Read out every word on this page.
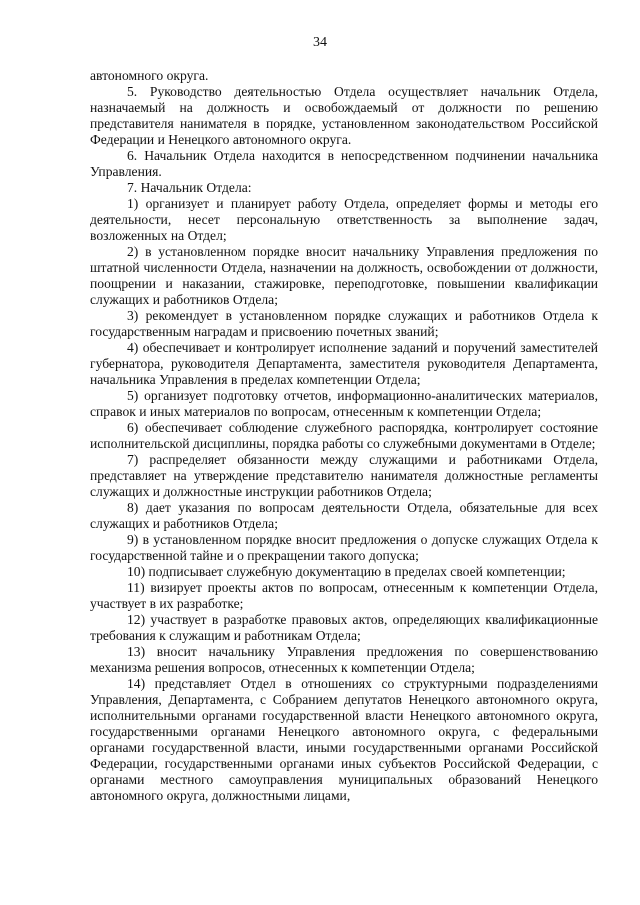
34

автономного округа.

5. Руководство деятельностью Отдела осуществляет начальник Отдела, назначаемый на должность и освобождаемый от должности по решению представителя нанимателя в порядке, установленном законодательством Российской Федерации и Ненецкого автономного округа.

6. Начальник Отдела находится в непосредственном подчинении начальника Управления.

7. Начальник Отдела:

1) организует и планирует работу Отдела, определяет формы и методы его деятельности, несет персональную ответственность за выполнение задач, возложенных на Отдел;

2) в установленном порядке вносит начальнику Управления предложения по штатной численности Отдела, назначении на должность, освобождении от должности, поощрении и наказании, стажировке, переподготовке, повышении квалификации служащих и работников Отдела;

3) рекомендует в установленном порядке служащих и работников Отдела к государственным наградам и присвоению почетных званий;

4) обеспечивает и контролирует исполнение заданий и поручений заместителей губернатора, руководителя Департамента, заместителя руководителя Департамента, начальника Управления в пределах компетенции Отдела;

5) организует подготовку отчетов, информационно-аналитических материалов, справок и иных материалов по вопросам, отнесенным к компетенции Отдела;

6) обеспечивает соблюдение служебного распорядка, контролирует состояние исполнительской дисциплины, порядка работы со служебными документами в Отделе;

7) распределяет обязанности между служащими и работниками Отдела, представляет на утверждение представителю нанимателя должностные регламенты служащих и должностные инструкции работников Отдела;

8) дает указания по вопросам деятельности Отдела, обязательные для всех служащих и работников Отдела;

9) в установленном порядке вносит предложения о допуске служащих Отдела к государственной тайне и о прекращении такого допуска;

10) подписывает служебную документацию в пределах своей компетенции;

11) визирует проекты актов по вопросам, отнесенным к компетенции Отдела, участвует в их разработке;

12) участвует в разработке правовых актов, определяющих квалификационные требования к служащим и работникам Отдела;

13) вносит начальнику Управления предложения по совершенствованию механизма решения вопросов, отнесенных к компетенции Отдела;

14) представляет Отдел в отношениях со структурными подразделениями Управления, Департамента, с Собранием депутатов Ненецкого автономного округа, исполнительными органами государственной власти Ненецкого автономного округа, государственными органами Ненецкого автономного округа, с федеральными органами государственной власти, иными государственными органами Российской Федерации, государственными органами иных субъектов Российской Федерации, с органами местного самоуправления муниципальных образований Ненецкого автономного округа, должностными лицами,
